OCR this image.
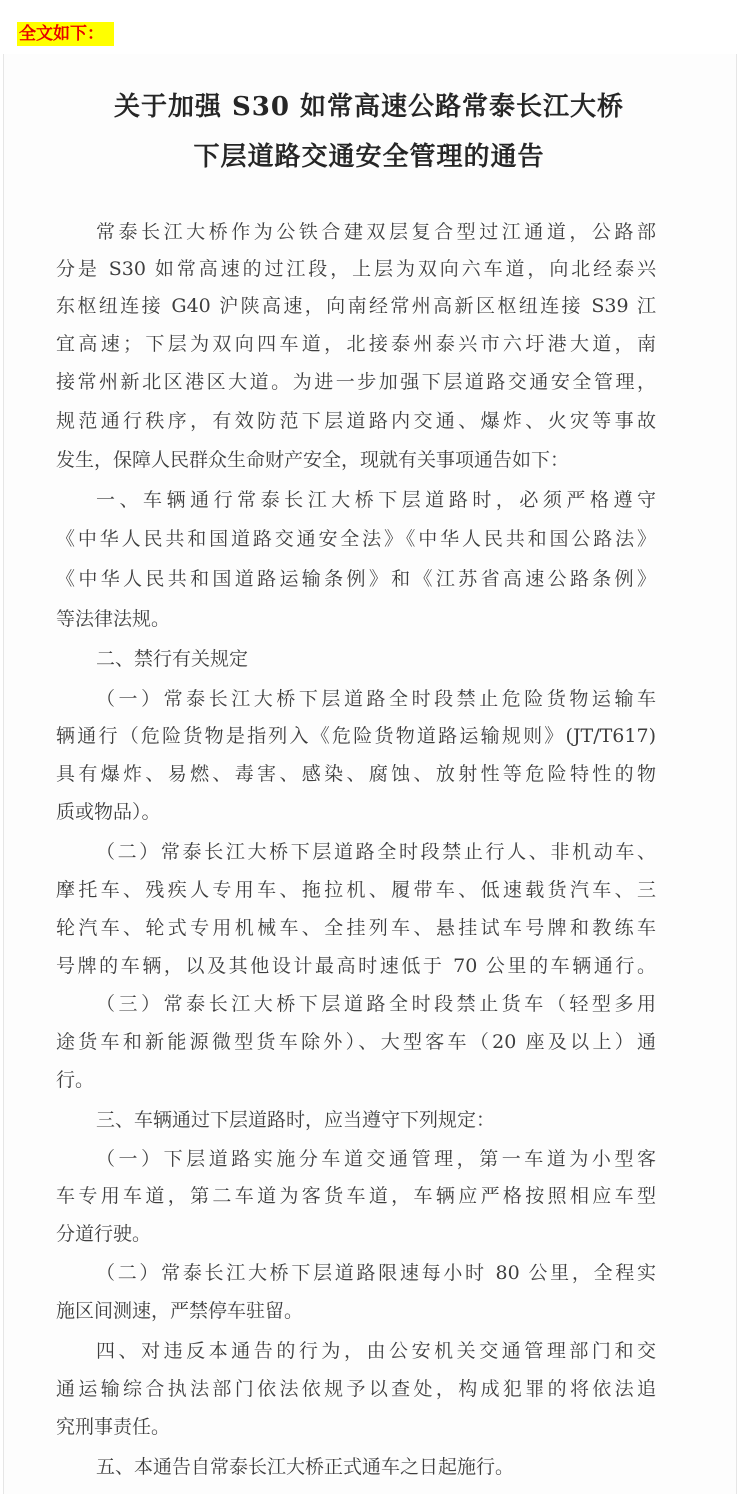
全文如下：
关于加强 S30 如常高速公路常泰长江大桥
下层道路交通安全管理的通告
常泰长江大桥作为公铁合建双层复合型过江通道，公路部
分是 S30 如常高速的过江段，上层为双向六车道，向北经泰兴
东枢纽连接 G40 沪陕高速，向南经常州高新区枢纽连接 S39 江
宜高速；下层为双向四车道，北接泰州泰兴市六圩港大道，南
接常州新北区港区大道。为进一步加强下层道路交通安全管理，
规范通行秩序，有效防范下层道路内交通、爆炸、火灾等事故
发生，保障人民群众生命财产安全，现就有关事项通告如下：
一、车辆通行常泰长江大桥下层道路时，必须严格遵守
《中华人民共和国道路交通安全法》《中华人民共和国公路法》
《中华人民共和国道路运输条例》和《江苏省高速公路条例》
等法律法规。
二、禁行有关规定
（一）常泰长江大桥下层道路全时段禁止危险货物运输车
辆通行（危险货物是指列入《危险货物道路运输规则》(JT/T617)
具有爆炸、易燃、毒害、感染、腐蚀、放射性等危险特性的物
质或物品）。
（二）常泰长江大桥下层道路全时段禁止行人、非机动车、
摩托车、残疾人专用车、拖拉机、履带车、低速载货汽车、三
轮汽车、轮式专用机械车、全挂列车、悬挂试车号牌和教练车
号牌的车辆，以及其他设计最高时速低于 70 公里的车辆通行。
（三）常泰长江大桥下层道路全时段禁止货车（轻型多用
途货车和新能源微型货车除外）、大型客车（20 座及以上）通
行。
三、车辆通过下层道路时，应当遵守下列规定：
（一）下层道路实施分车道交通管理，第一车道为小型客
车专用车道，第二车道为客货车道，车辆应严格按照相应车型
分道行驶。
（二）常泰长江大桥下层道路限速每小时 80 公里，全程实
施区间测速，严禁停车驻留。
四、对违反本通告的行为，由公安机关交通管理部门和交
通运输综合执法部门依法依规予以查处，构成犯罪的将依法追
究刑事责任。
五、本通告自常泰长江大桥正式通车之日起施行。
